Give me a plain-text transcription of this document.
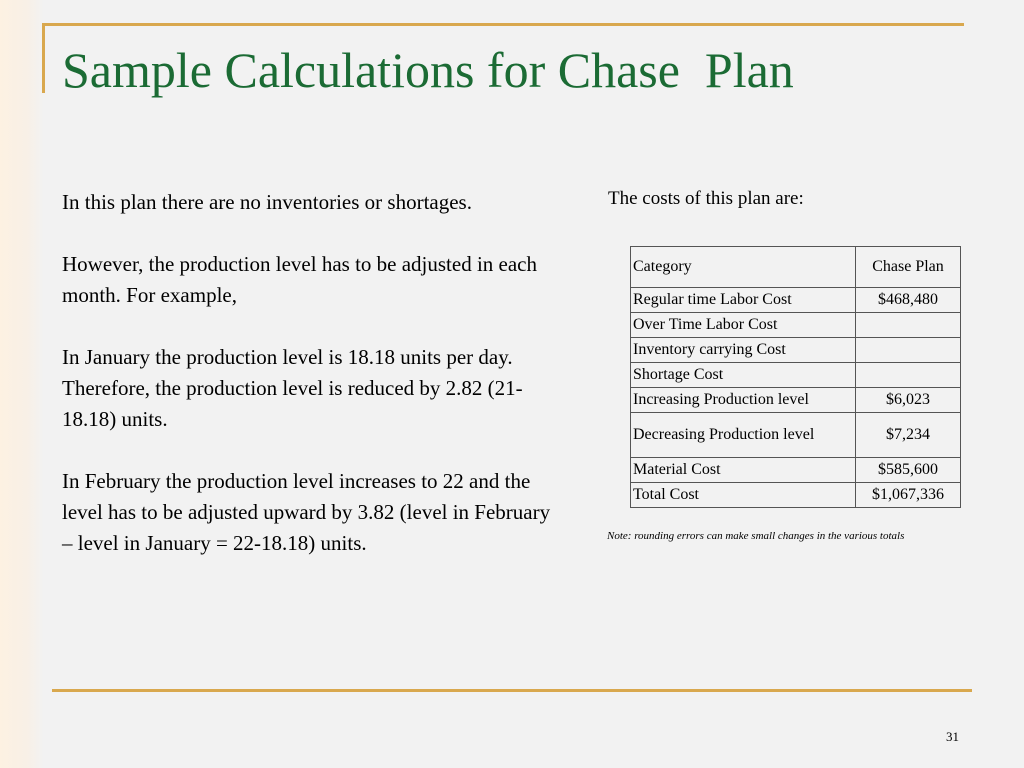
Sample Calculations for Chase  Plan

In this plan there are no inventories or shortages.

However, the production level has to be adjusted in each month. For example,

In January the production level is 18.18 units per day. Therefore, the production level is reduced by 2.82 (21-18.18) units.

In February the production level increases to 22 and the level has to be adjusted upward by 3.82 (level in February – level in January = 22-18.18) units.

The costs of this plan are:
Category	Chase Plan
Regular time Labor Cost	$468,480
Over Time Labor Cost	
Inventory carrying Cost	
Shortage Cost	
Increasing Production level	$6,023
Decreasing Production level	$7,234
Material Cost	$585,600
Total Cost	$1,067,336
Note: rounding errors can make small changes in the various totals
31
